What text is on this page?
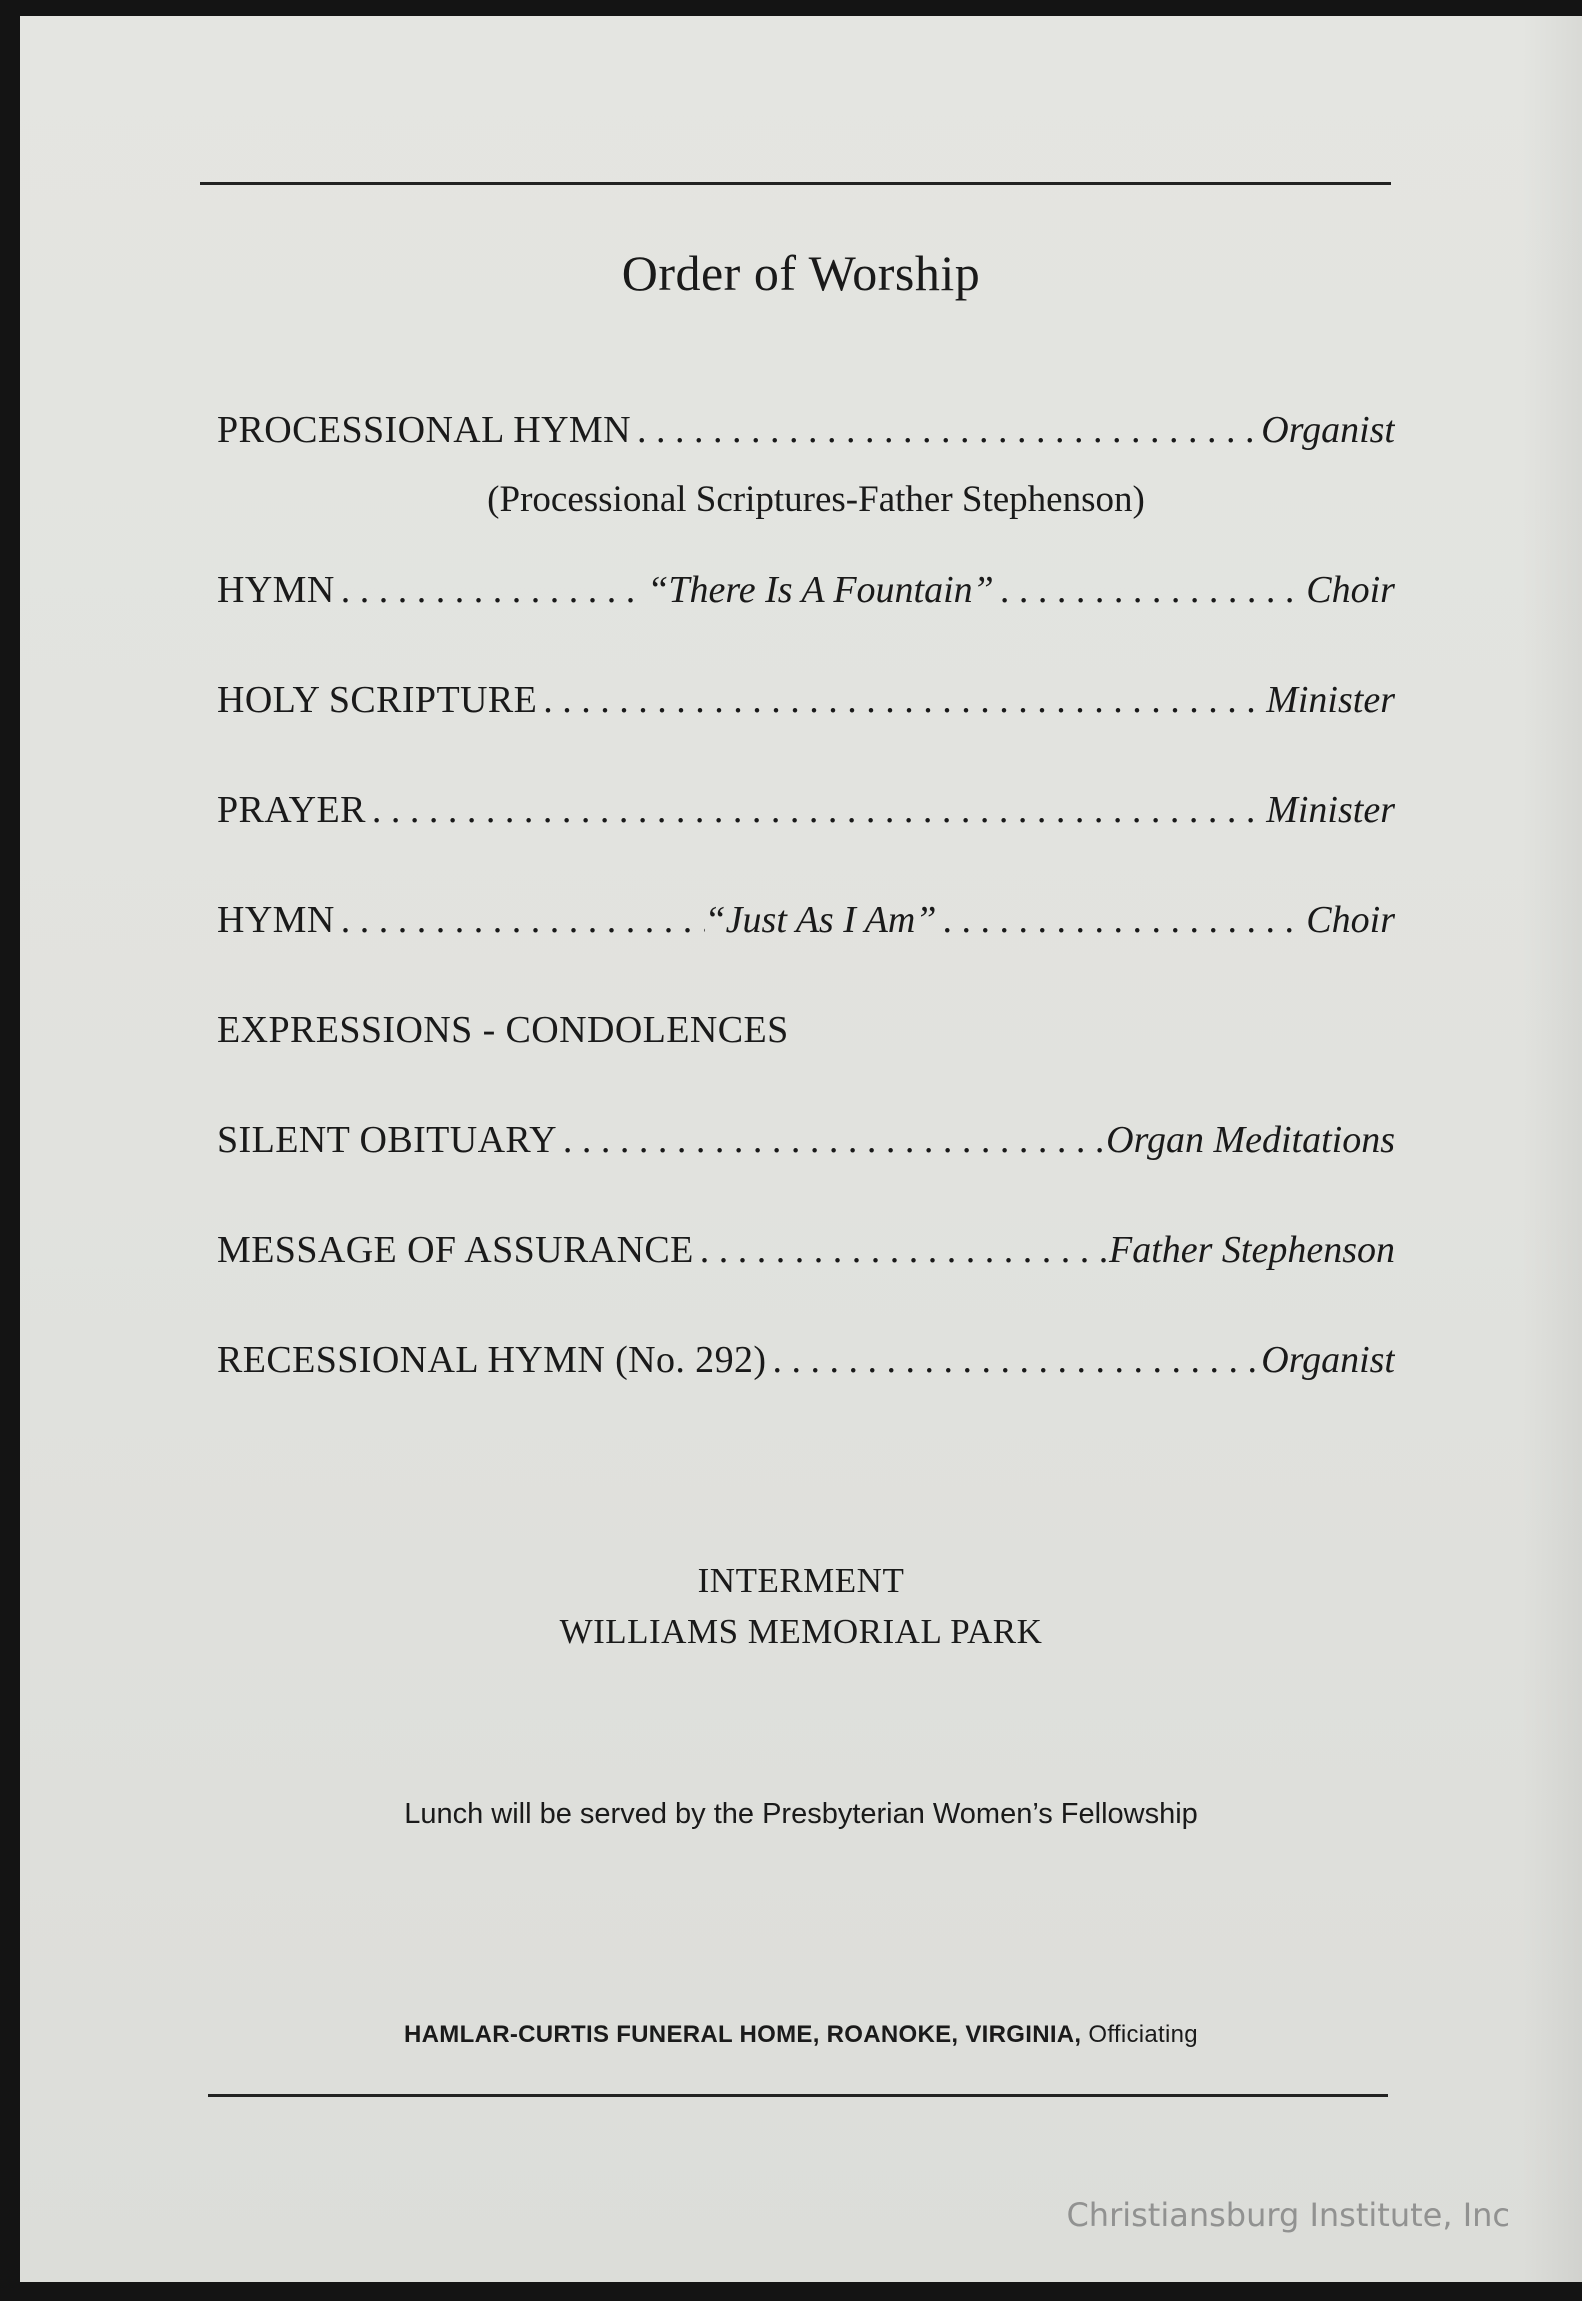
Order of Worship
PROCESSIONAL HYMN . . .	Organist
(Processional Scriptures-Father Stephenson)
HYMN . . .	“There Is A Fountain” . . .	Choir
HOLY SCRIPTURE . . .	Minister
PRAYER . . .	Minister
HYMN . . .	“Just As I Am” . . .	Choir
EXPRESSIONS - CONDOLENCES
SILENT OBITUARY . . .	Organ Meditations
MESSAGE OF ASSURANCE . . .	Father Stephenson
RECESSIONAL HYMN (No. 292) . . .	Organist
INTERMENT
WILLIAMS MEMORIAL PARK
Lunch will be served by the Presbyterian Women’s Fellowship
HAMLAR-CURTIS FUNERAL HOME, ROANOKE, VIRGINIA, Officiating
Christiansburg Institute, Inc
